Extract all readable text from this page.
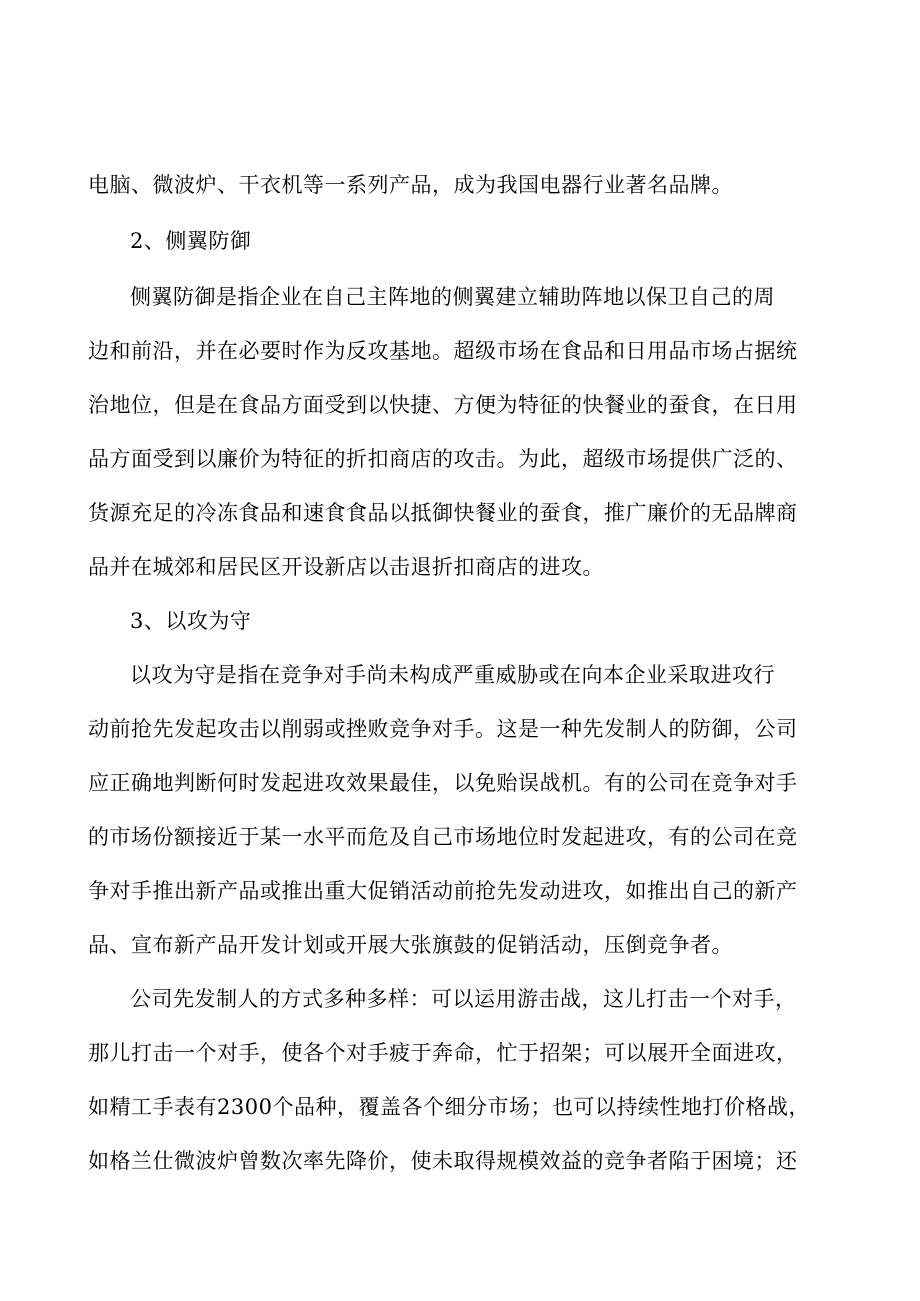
电脑、微波炉、干衣机等一系列产品，成为我国电器行业著名品牌。
2、侧翼防御
侧翼防御是指企业在自己主阵地的侧翼建立辅助阵地以保卫自己的周
边和前沿，并在必要时作为反攻基地。超级市场在食品和日用品市场占据统
治地位，但是在食品方面受到以快捷、方便为特征的快餐业的蚕食，在日用
品方面受到以廉价为特征的折扣商店的攻击。为此，超级市场提供广泛的、
货源充足的冷冻食品和速食食品以抵御快餐业的蚕食，推广廉价的无品牌商
品并在城郊和居民区开设新店以击退折扣商店的进攻。
3、以攻为守
以攻为守是指在竞争对手尚未构成严重威胁或在向本企业采取进攻行
动前抢先发起攻击以削弱或挫败竞争对手。这是一种先发制人的防御，公司
应正确地判断何时发起进攻效果最佳，以免贻误战机。有的公司在竞争对手
的市场份额接近于某一水平而危及自己市场地位时发起进攻，有的公司在竞
争对手推出新产品或推出重大促销活动前抢先发动进攻，如推出自己的新产
品、宣布新产品开发计划或开展大张旗鼓的促销活动，压倒竞争者。
公司先发制人的方式多种多样：可以运用游击战，这儿打击一个对手，
那儿打击一个对手，使各个对手疲于奔命，忙于招架；可以展开全面进攻，
如精工手表有2300个品种，覆盖各个细分市场；也可以持续性地打价格战，
如格兰仕微波炉曾数次率先降价，使未取得规模效益的竞争者陷于困境；还
